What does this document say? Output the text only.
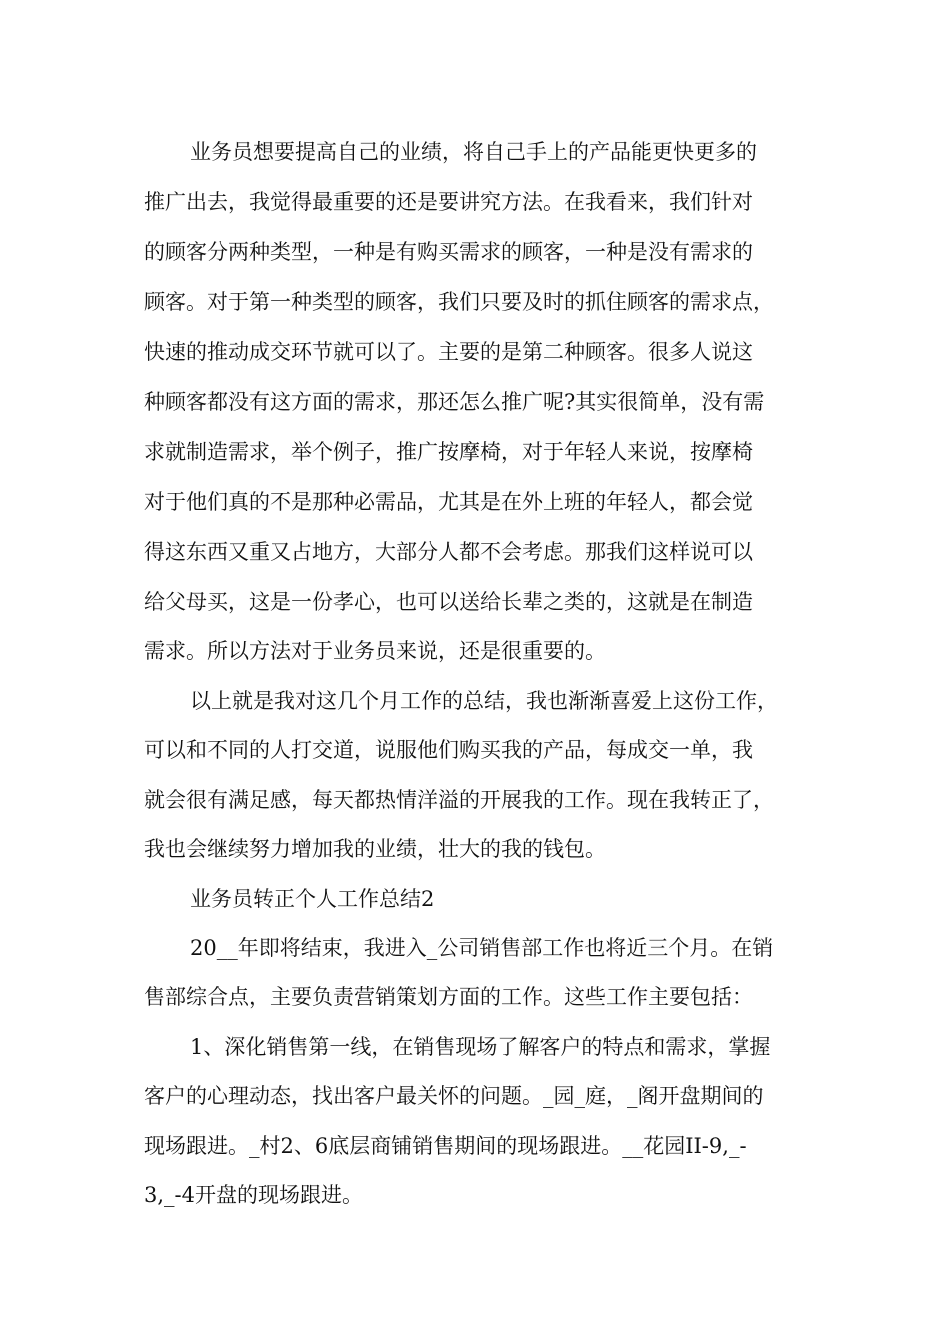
业务员想要提高自己的业绩，将自己手上的产品能更快更多的
推广出去，我觉得最重要的还是要讲究方法。在我看来，我们针对
的顾客分两种类型，一种是有购买需求的顾客，一种是没有需求的
顾客。对于第一种类型的顾客，我们只要及时的抓住顾客的需求点，
快速的推动成交环节就可以了。主要的是第二种顾客。很多人说这
种顾客都没有这方面的需求，那还怎么推广呢?其实很简单，没有需
求就制造需求，举个例子，推广按摩椅，对于年轻人来说，按摩椅
对于他们真的不是那种必需品，尤其是在外上班的年轻人，都会觉
得这东西又重又占地方，大部分人都不会考虑。那我们这样说可以
给父母买，这是一份孝心，也可以送给长辈之类的，这就是在制造
需求。所以方法对于业务员来说，还是很重要的。
以上就是我对这几个月工作的总结，我也渐渐喜爱上这份工作，
可以和不同的人打交道，说服他们购买我的产品，每成交一单，我
就会很有满足感，每天都热情洋溢的开展我的工作。现在我转正了，
我也会继续努力增加我的业绩，壮大的我的钱包。
业务员转正个人工作总结2
20__年即将结束，我进入_公司销售部工作也将近三个月。在销
售部综合点，主要负责营销策划方面的工作。这些工作主要包括：
1、深化销售第一线，在销售现场了解客户的特点和需求，掌握
客户的心理动态，找出客户最关怀的问题。_园_庭，_阁开盘期间的
现场跟进。_村2、6底层商铺销售期间的现场跟进。__花园II-9,_-
3,_-4开盘的现场跟进。
